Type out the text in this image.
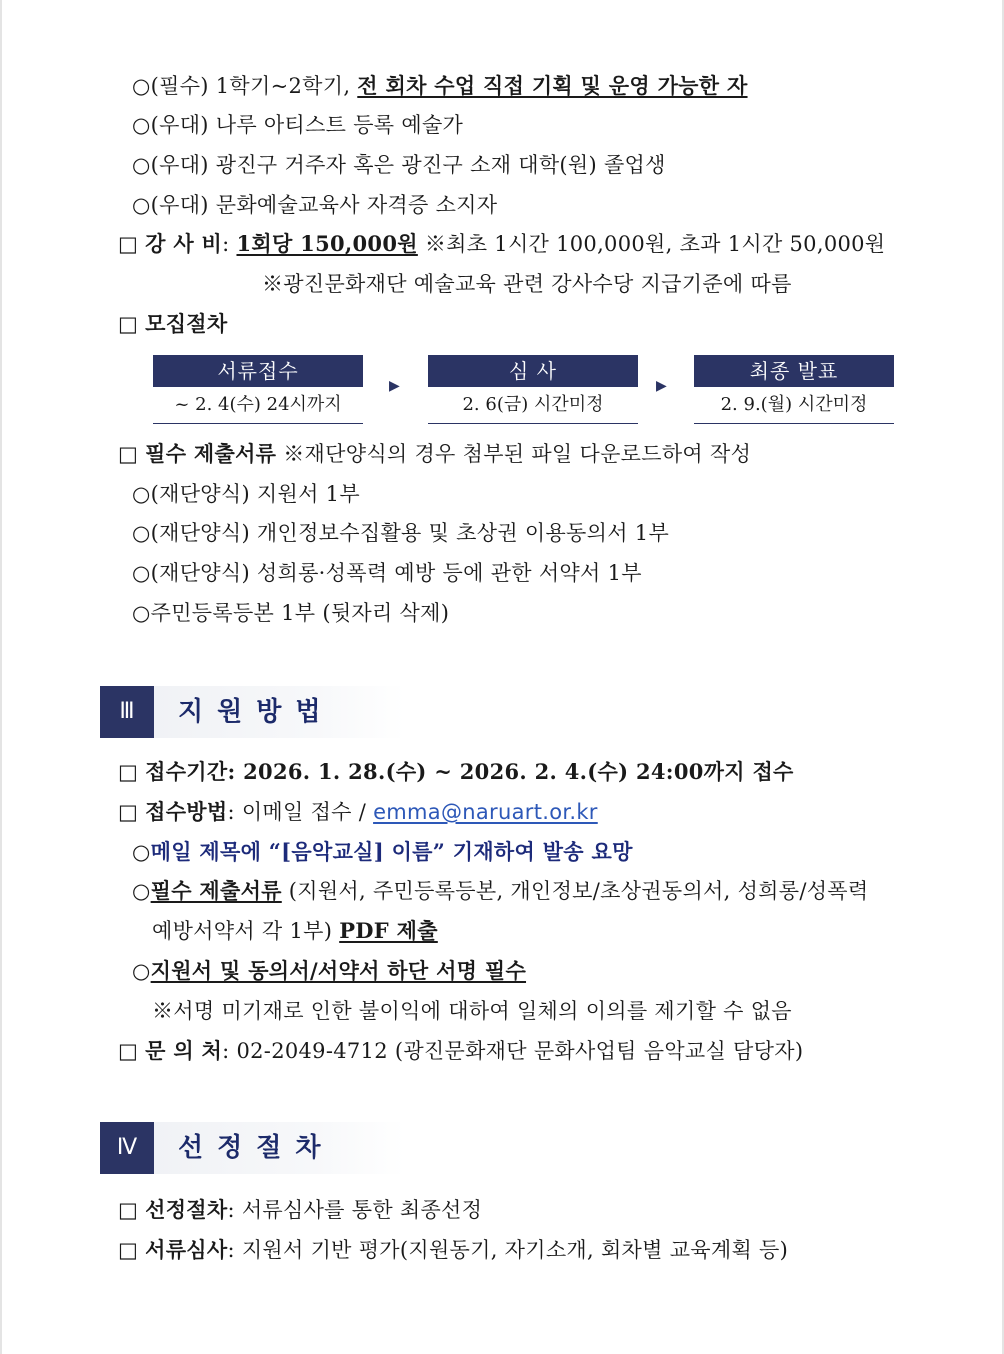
○(필수) 1학기~2학기, 전 회차 수업 직접 기획 및 운영 가능한 자
○(우대) 나루 아티스트 등록 예술가
○(우대) 광진구 거주자 혹은 광진구 소재 대학(원) 졸업생
○(우대) 문화예술교육사 자격증 소지자
□ 강 사 비: 1회당 150,000원 ※최초 1시간 100,000원, 초과 1시간 50,000원
※광진문화재단 예술교육 관련 강사수당 지급기준에 따름
□ 모집절차
서류접수
~ 2. 4(수) 24시까지
▶
심 사
2. 6(금) 시간미정
▶
최종 발표
2. 9.(월) 시간미정
□ 필수 제출서류 ※재단양식의 경우 첨부된 파일 다운로드하여 작성
○(재단양식) 지원서 1부
○(재단양식) 개인정보수집활용 및 초상권 이용동의서 1부
○(재단양식) 성희롱·성폭력 예방 등에 관한 서약서 1부
○주민등록등본 1부 (뒷자리 삭제)
Ⅲ	지원방법
□ 접수기간: 2026. 1. 28.(수) ~ 2026. 2. 4.(수) 24:00까지 접수
□ 접수방법: 이메일 접수 / emma@naruart.or.kr
○메일 제목에 “[음악교실] 이름” 기재하여 발송 요망
○필수 제출서류 (지원서, 주민등록등본, 개인정보/초상권동의서, 성희롱/성폭력
예방서약서 각 1부) PDF 제출
○지원서 및 동의서/서약서 하단 서명 필수
※서명 미기재로 인한 불이익에 대하여 일체의 이의를 제기할 수 없음
□ 문 의 처: 02-2049-4712 (광진문화재단 문화사업팀 음악교실 담당자)
Ⅳ	선정절차
□ 선정절차: 서류심사를 통한 최종선정
□ 서류심사: 지원서 기반 평가(지원동기, 자기소개, 회차별 교육계획 등)
